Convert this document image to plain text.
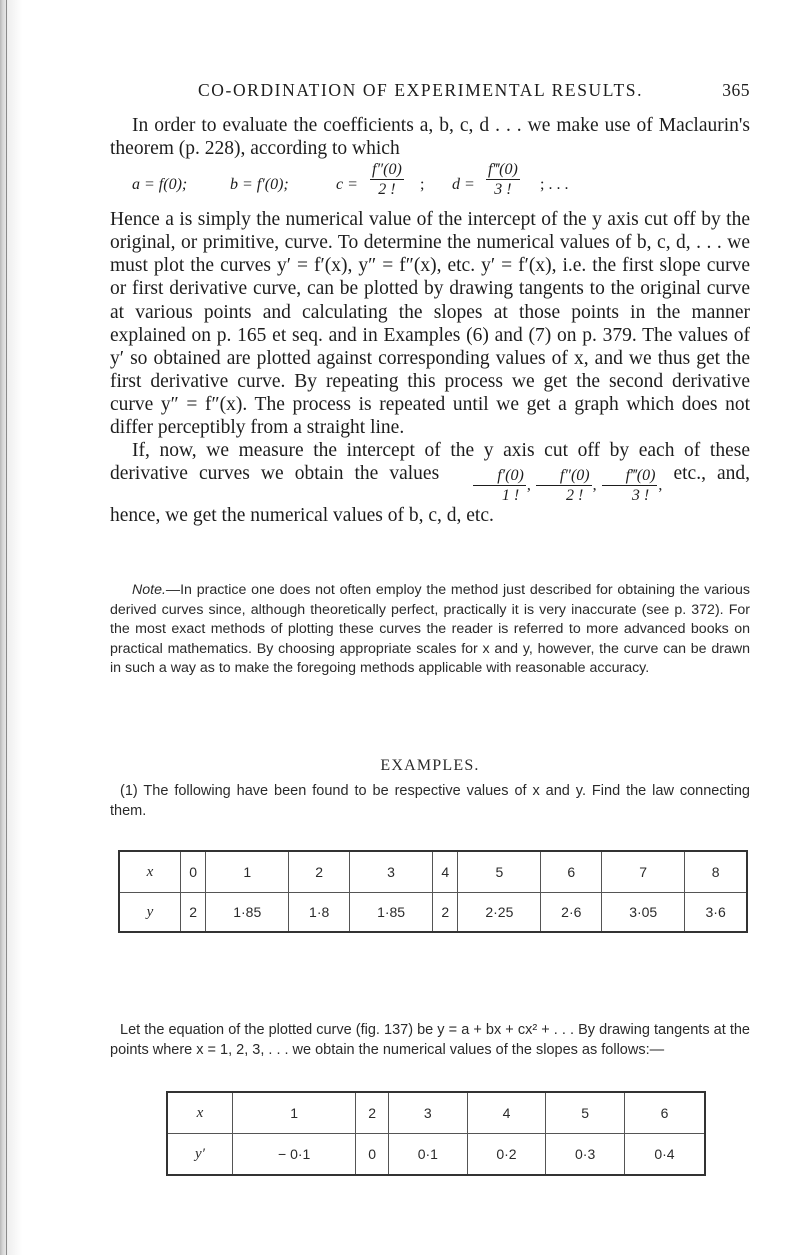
CO-ORDINATION OF EXPERIMENTAL RESULTS.	365

In order to evaluate the coefficients a, b, c, d . . . we make use of Maclaurin's theorem (p. 228), according to which

a = f(0);	b = f′(0);	$c = \frac{f''(0)}{2 !}$ ; $d = \frac{f‴(0)}{3 !}$ ; . . .

Hence a is simply the numerical value of the intercept of the y axis cut off by the original, or primitive, curve. To determine the numerical values of b, c, d, . . . we must plot the curves y′ = f′(x), y″ = f″(x), etc. y′ = f′(x), i.e. the first slope curve or first derivative curve, can be plotted by drawing tangents to the original curve at various points and calculating the slopes at those points in the manner explained on p. 165 et seq. and in Examples (6) and (7) on p. 379. The values of y′ so obtained are plotted against corresponding values of x, and we thus get the first derivative curve. By repeating this process we get the second derivative curve y″ = f″(x). The process is repeated until we get a graph which does not differ perceptibly from a straight line.

If, now, we measure the intercept of the y axis cut off by each of these derivative curves we obtain the values $\frac{f'(0)}{1 !}$ , $\frac{f''(0)}{2 !}$ , $\frac{f‴(0)}{3 !}$ , etc., and, hence, we get the numerical values of b, c, d, etc.

Note.—In practice one does not often employ the method just described for obtaining the various derived curves since, although theoretically perfect, practically it is very inaccurate (see p. 372). For the most exact methods of plotting these curves the reader is referred to more advanced books on practical mathematics. By choosing appropriate scales for x and y, however, the curve can be drawn in such a way as to make the foregoing methods applicable with reasonable accuracy.

EXAMPLES.

(1) The following have been found to be respective values of x and y. Find the law connecting them.

x	0	1	2	3	4	5	6	7	8
y	2	1·85	1·8	1·85	2	2·25	2·6	3·05	3·6

Let the equation of the plotted curve (fig. 137) be y = a + bx + cx² + . . . By drawing tangents at the points where x = 1, 2, 3, . . . we obtain the numerical values of the slopes as follows:—

x	1	2	3	4	5	6
y′	− 0·1	0	0·1	0·2	0·3	0·4
